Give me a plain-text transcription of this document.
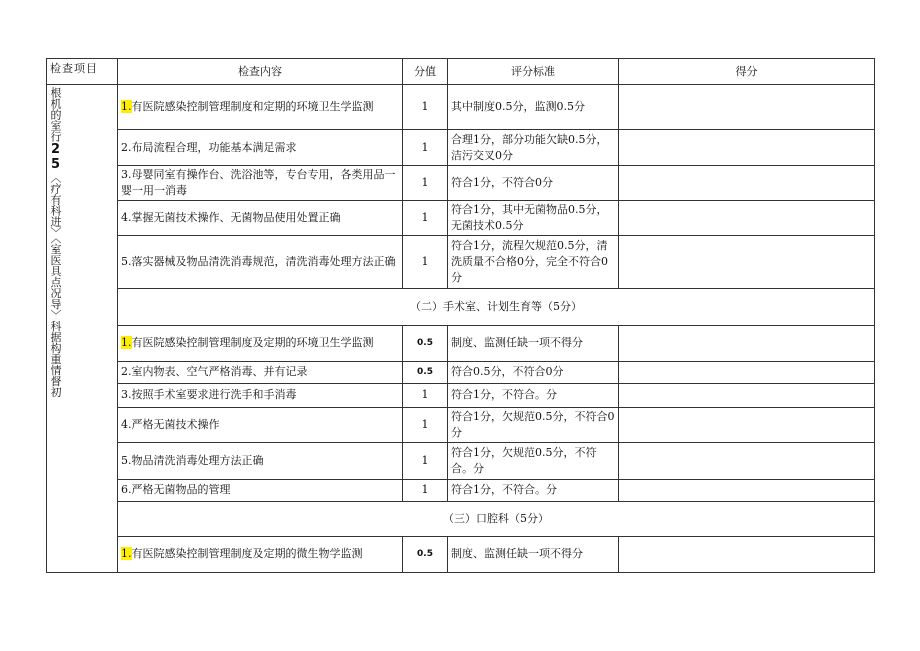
检查项目	检查内容	分值	评分标准	得分

根机的室行25〈疗有科进〉〈室医具点况导〉科据构重情督初	1.有医院感染控制管理制度和定期的环境卫生学监测	1	其中制度0.5分，监测0.5分	
	2.布局流程合理，功能基本满足需求	1	合理1分，部分功能欠缺0.5分，洁污交叉0分	
	3.母婴同室有操作台、洗浴池等，专台专用，各类用品一婴一用一消毒	1	符合1分，不符合0分	
	4.掌握无菌技术操作、无菌物品使用处置正确	1	符合1分，其中无菌物品0.5分，无菌技术0.5分	
	5.落实器械及物品清洗消毒规范，清洗消毒处理方法正确	1	符合1分，流程欠规范0.5分，清洗质量不合格0分，完全不符合0分	
	（二）手术室、计划生育等（5分）			
	1.有医院感染控制管理制度及定期的环境卫生学监测	0.5	制度、监测任缺一项不得分	
	2.室内物表、空气严格消毒、并有记录	0.5	符合0.5分，不符合0分	
	3.按照手术室要求进行洗手和手消毒	1	符合1分，不符合。分	
	4.严格无菌技术操作	1	符合1分，欠规范0.5分，不符合0分	
	5.物品清洗消毒处理方法正确	1	符合1分，欠规范0.5分，不符合。分	
	6.严格无菌物品的管理	1	符合1分，不符合。分	
	（三）口腔科（5分）			
	1.有医院感染控制管理制度及定期的微生物学监测	0.5	制度、监测任缺一项不得分	
